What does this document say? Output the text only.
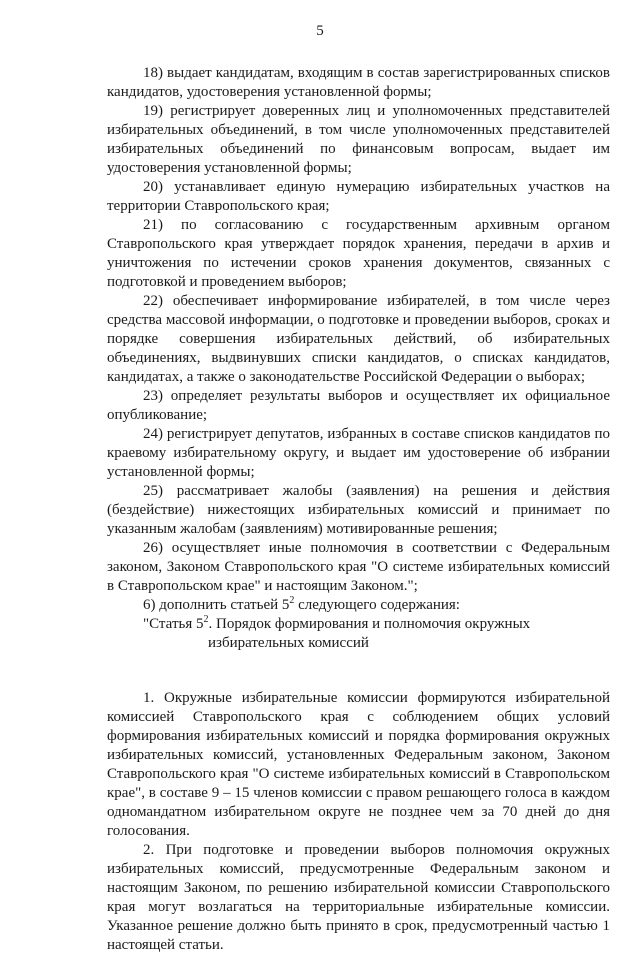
5

18) выдает кандидатам, входящим в состав зарегистрированных списков кандидатов, удостоверения установленной формы;

19) регистрирует доверенных лиц и уполномоченных представителей избирательных объединений, в том числе уполномоченных представителей избирательных объединений по финансовым вопросам, выдает им удостоверения установленной формы;

20) устанавливает единую нумерацию избирательных участков на территории Ставропольского края;

21) по согласованию с государственным архивным органом Ставропольского края утверждает порядок хранения, передачи в архив и уничтожения по истечении сроков хранения документов, связанных с подготовкой и проведением выборов;

22) обеспечивает информирование избирателей, в том числе через средства массовой информации, о подготовке и проведении выборов, сроках и порядке совершения избирательных действий, об избирательных объединениях, выдвинувших списки кандидатов, о списках кандидатов, кандидатах, а также о законодательстве Российской Федерации о выборах;

23) определяет результаты выборов и осуществляет их официальное опубликование;

24) регистрирует депутатов, избранных в составе списков кандидатов по краевому избирательному округу, и выдает им удостоверение об избрании установленной формы;

25) рассматривает жалобы (заявления) на решения и действия (бездействие) нижестоящих избирательных комиссий и принимает по указанным жалобам (заявлениям) мотивированные решения;

26) осуществляет иные полномочия в соответствии с Федеральным законом, Законом Ставропольского края "О системе избирательных комиссий в Ставропольском крае" и настоящим Законом.";

6) дополнить статьей $5^2$ следующего содержания:

"Статья $5^2$. Порядок формирования и полномочия окружных
избирательных комиссий

1. Окружные избирательные комиссии формируются избирательной комиссией Ставропольского края с соблюдением общих условий формирования избирательных комиссий и порядка формирования окружных избирательных комиссий, установленных Федеральным законом, Законом Ставропольского края "О системе избирательных комиссий в Ставропольском крае", в составе 9 – 15 членов комиссии с правом решающего голоса в каждом одномандатном избирательном округе не позднее чем за 70 дней до дня голосования.

2. При подготовке и проведении выборов полномочия окружных избирательных комиссий, предусмотренные Федеральным законом и настоящим Законом, по решению избирательной комиссии Ставропольского края могут возлагаться на территориальные избирательные комиссии. Указанное решение должно быть принято в срок, предусмотренный частью 1 настоящей статьи.
